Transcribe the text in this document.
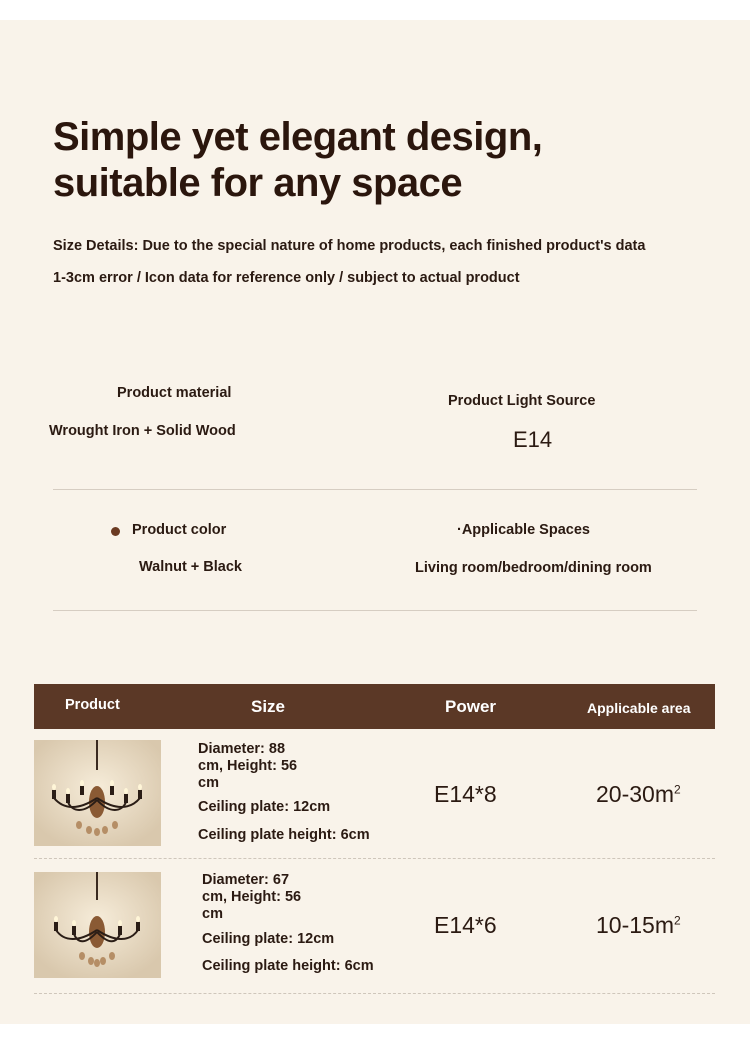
Simple yet elegant design,
suitable for any space
Size Details: Due to the special nature of home products, each finished product's data
1-3cm error / Icon data for reference only / subject to actual product
Product material
Wrought Iron + Solid Wood
Product Light Source
E14
Product color
Walnut + Black
·Applicable Spaces
Living room/bedroom/dining room
Product	Size	Power	Applicable area
Diameter: 88 cm, Height: 56 cm
Ceiling plate: 12cm
Ceiling plate height: 6cm
E14*8	$20-30m^2$
Diameter: 67 cm, Height: 56 cm
Ceiling plate: 12cm
Ceiling plate height: 6cm
E14*6	$10-15m^2$
